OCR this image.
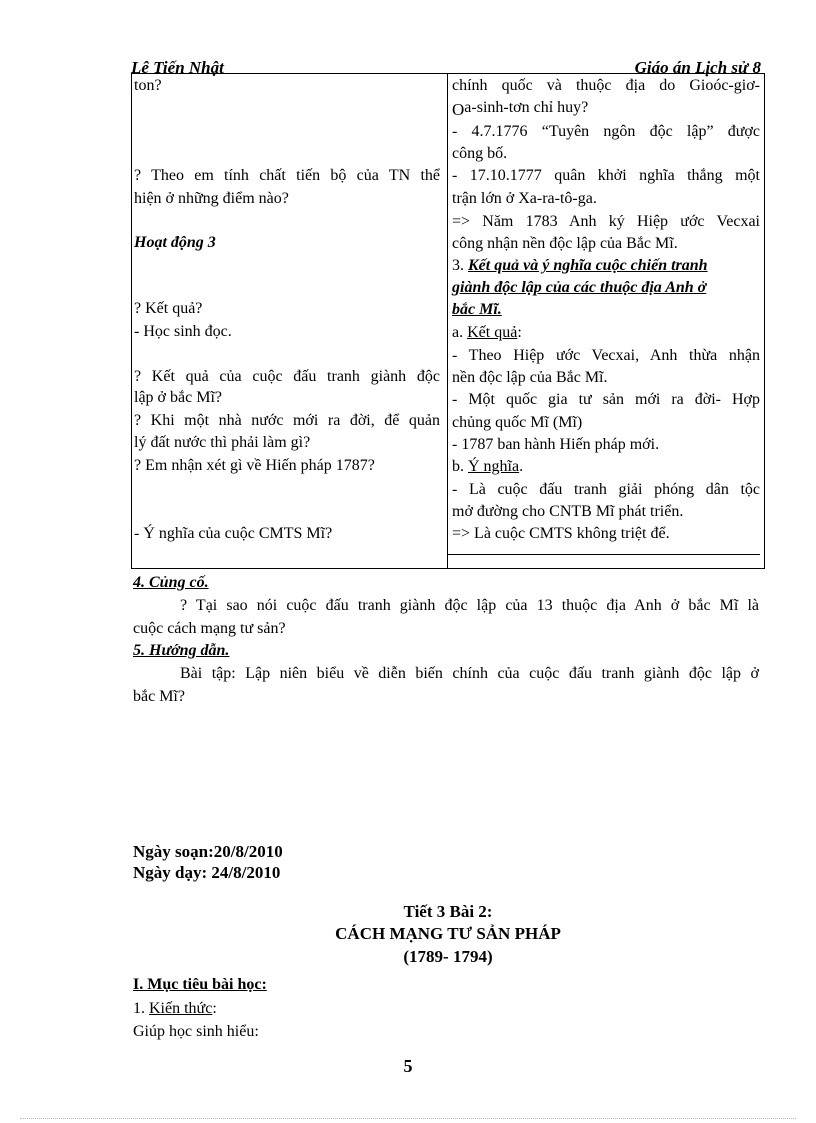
Lê Tiến Nhật	Giáo án Lịch sử 8
ton?
? Theo em tính chất tiến bộ của TN thể
hiện ở những điểm nào?
Hoạt động 3
? Kết quả?
- Học sinh đọc.
? Kết quả của cuộc đấu tranh giành độc
lập ở bắc Mĩ?
? Khi một nhà nước mới ra đời, để quản
lý đất nước thì phải làm gì?
? Em nhận xét gì về Hiến pháp 1787?
- Ý nghĩa của cuộc CMTS Mĩ?
chính quốc và thuộc địa do Gioóc-giơ-
Oa-sinh-tơn chỉ huy?
- 4.7.1776 “Tuyên ngôn độc lập” được
công bố.
- 17.10.1777 quân khởi nghĩa thắng một
trận lớn ở Xa-ra-tô-ga.
=> Năm 1783 Anh ký Hiệp ước Vecxai
công nhận nền độc lập của Bắc Mĩ.
3. Kết quả và ý nghĩa cuộc chiến tranh
giành độc lập của các thuộc địa Anh ở
bắc Mĩ.
a. Kết quả:
- Theo Hiệp ước Vecxai, Anh thừa nhận
nền độc lập của Bắc Mĩ.
- Một quốc gia tư sản mới ra đời- Hợp
chủng quốc Mĩ (Mĩ)
- 1787 ban hành Hiến pháp mới.
b. Ý nghĩa.
- Là cuộc đấu tranh giải phóng dân tộc
mở đường cho CNTB Mĩ phát triển.
=> Là cuộc CMTS không triệt để.
4. Củng cố.
? Tại sao nói cuộc đấu tranh giành độc lập của 13 thuộc địa Anh ở bắc Mĩ là
cuộc cách mạng tư sản?
5. Hướng dẫn.
Bài tập: Lập niên biểu về diễn biến chính của cuộc đấu tranh giành độc lập ở
bắc Mĩ?
Ngày soạn:20/8/2010
Ngày dạy: 24/8/2010
Tiết 3 Bài 2:
CÁCH MẠNG TƯ SẢN PHÁP
(1789- 1794)
I. Mục tiêu bài học:
1. Kiến thức:
Giúp học sinh hiểu:
5
